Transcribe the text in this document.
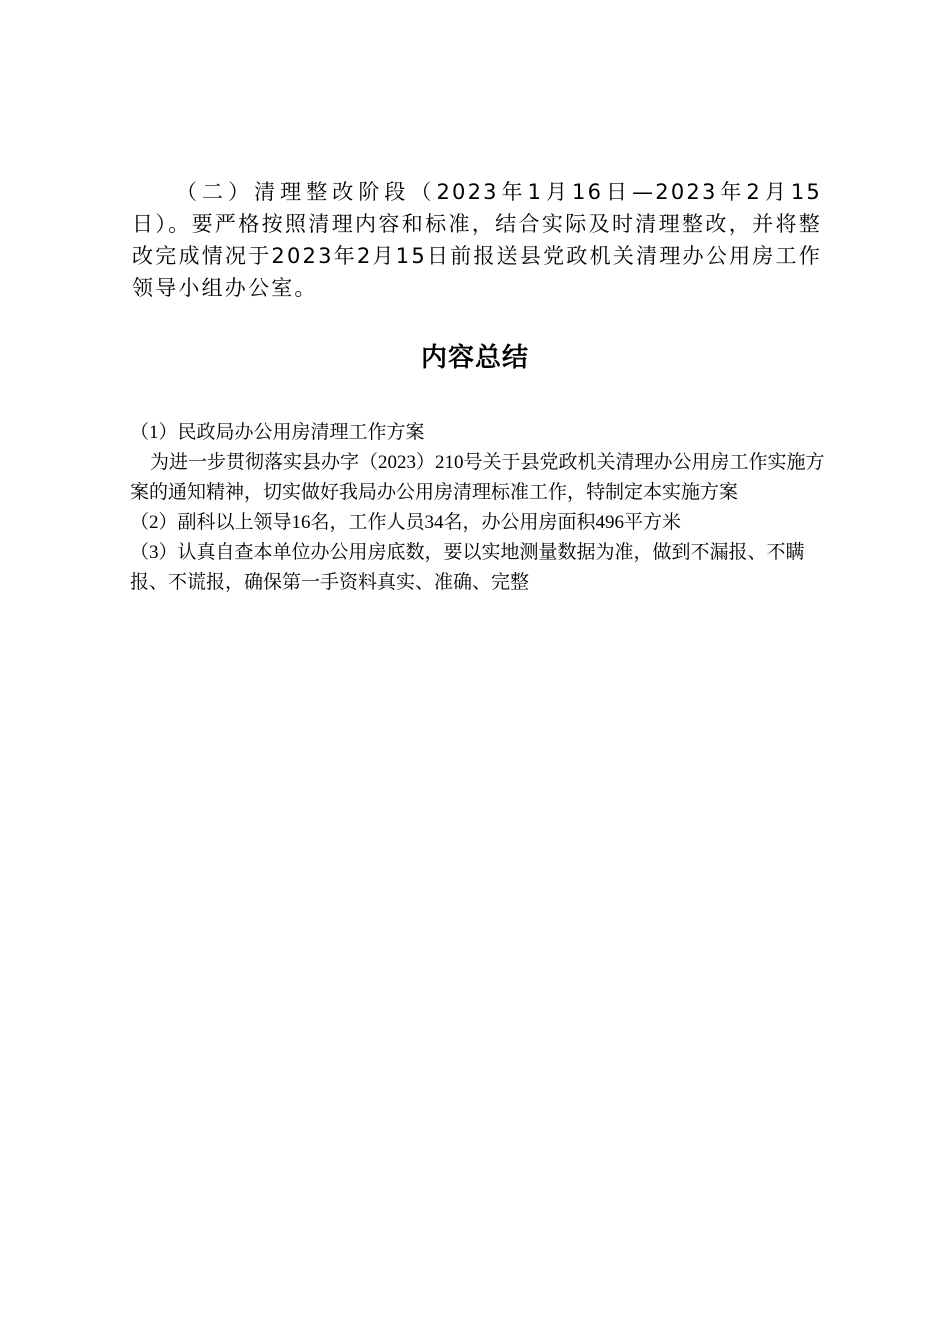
（二）清理整改阶段（2023年1月16日—2023年2月15日）。要严格按照清理内容和标准，结合实际及时清理整改，并将整改完成情况于2023年2月15日前报送县党政机关清理办公用房工作领导小组办公室。

内容总结

（1）民政局办公用房清理工作方案

为进一步贯彻落实县办字（2023）210号关于县党政机关清理办公用房工作实施方案的通知精神，切实做好我局办公用房清理标准工作，特制定本实施方案

（2）副科以上领导16名，工作人员34名，办公用房面积496平方米

（3）认真自查本单位办公用房底数，要以实地测量数据为准，做到不漏报、不瞒报、不谎报，确保第一手资料真实、准确、完整
